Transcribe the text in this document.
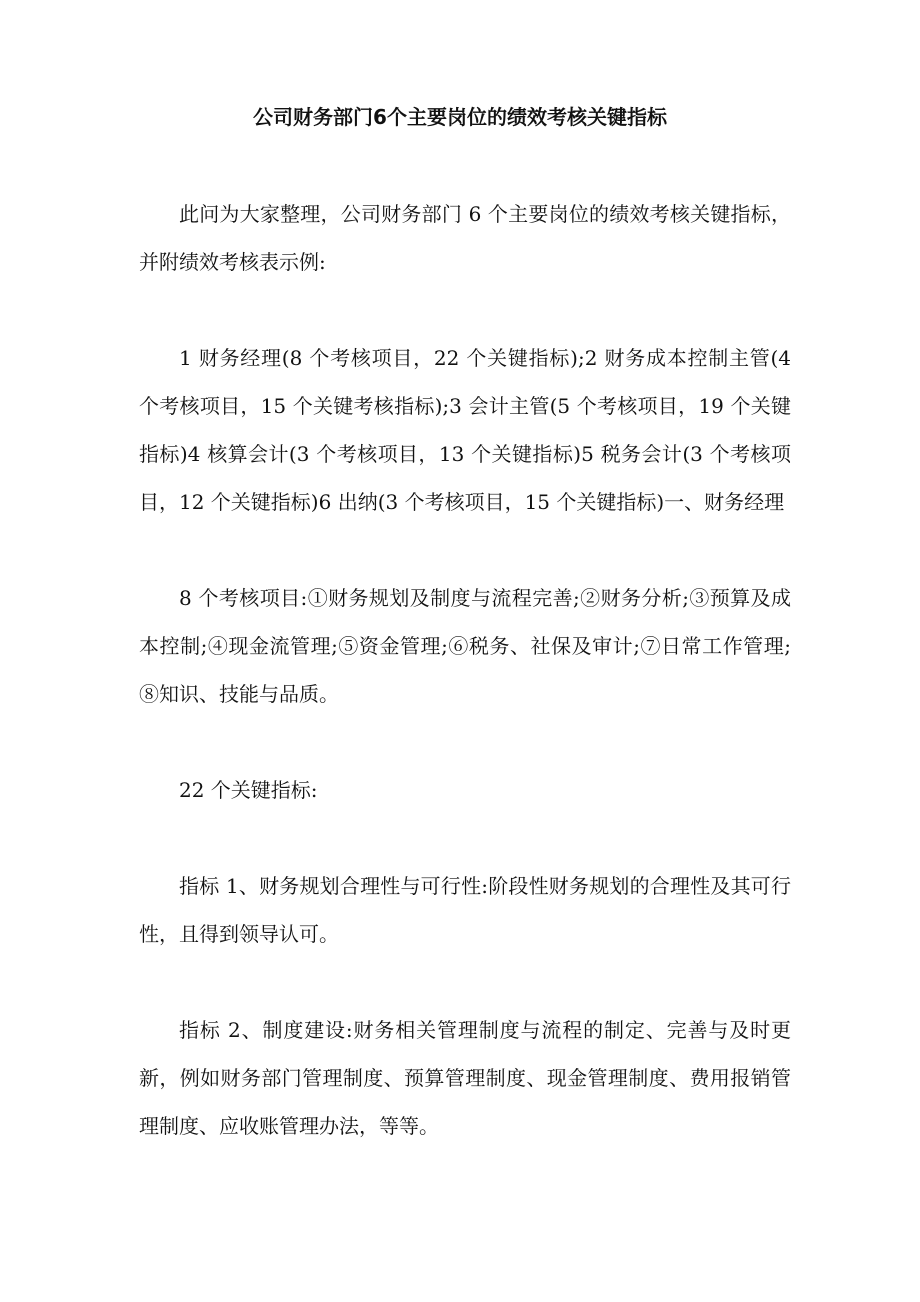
公司财务部门6个主要岗位的绩效考核关键指标

此问为大家整理，公司财务部门 6 个主要岗位的绩效考核关键指标，并附绩效考核表示例:

1 财务经理(8 个考核项目，22 个关键指标);2 财务成本控制主管(4 个考核项目，15 个关键考核指标);3 会计主管(5 个考核项目，19 个关键指标)4 核算会计(3 个考核项目，13 个关键指标)5 税务会计(3 个考核项目，12 个关键指标)6 出纳(3 个考核项目，15 个关键指标)一、财务经理

8 个考核项目:①财务规划及制度与流程完善;②财务分析;③预算及成本控制;④现金流管理;⑤资金管理;⑥税务、社保及审计;⑦日常工作管理;⑧知识、技能与品质。

22 个关键指标:

指标 1、财务规划合理性与可行性:阶段性财务规划的合理性及其可行性，且得到领导认可。

指标 2、制度建设:财务相关管理制度与流程的制定、完善与及时更新，例如财务部门管理制度、预算管理制度、现金管理制度、费用报销管理制度、应收账管理办法，等等。
